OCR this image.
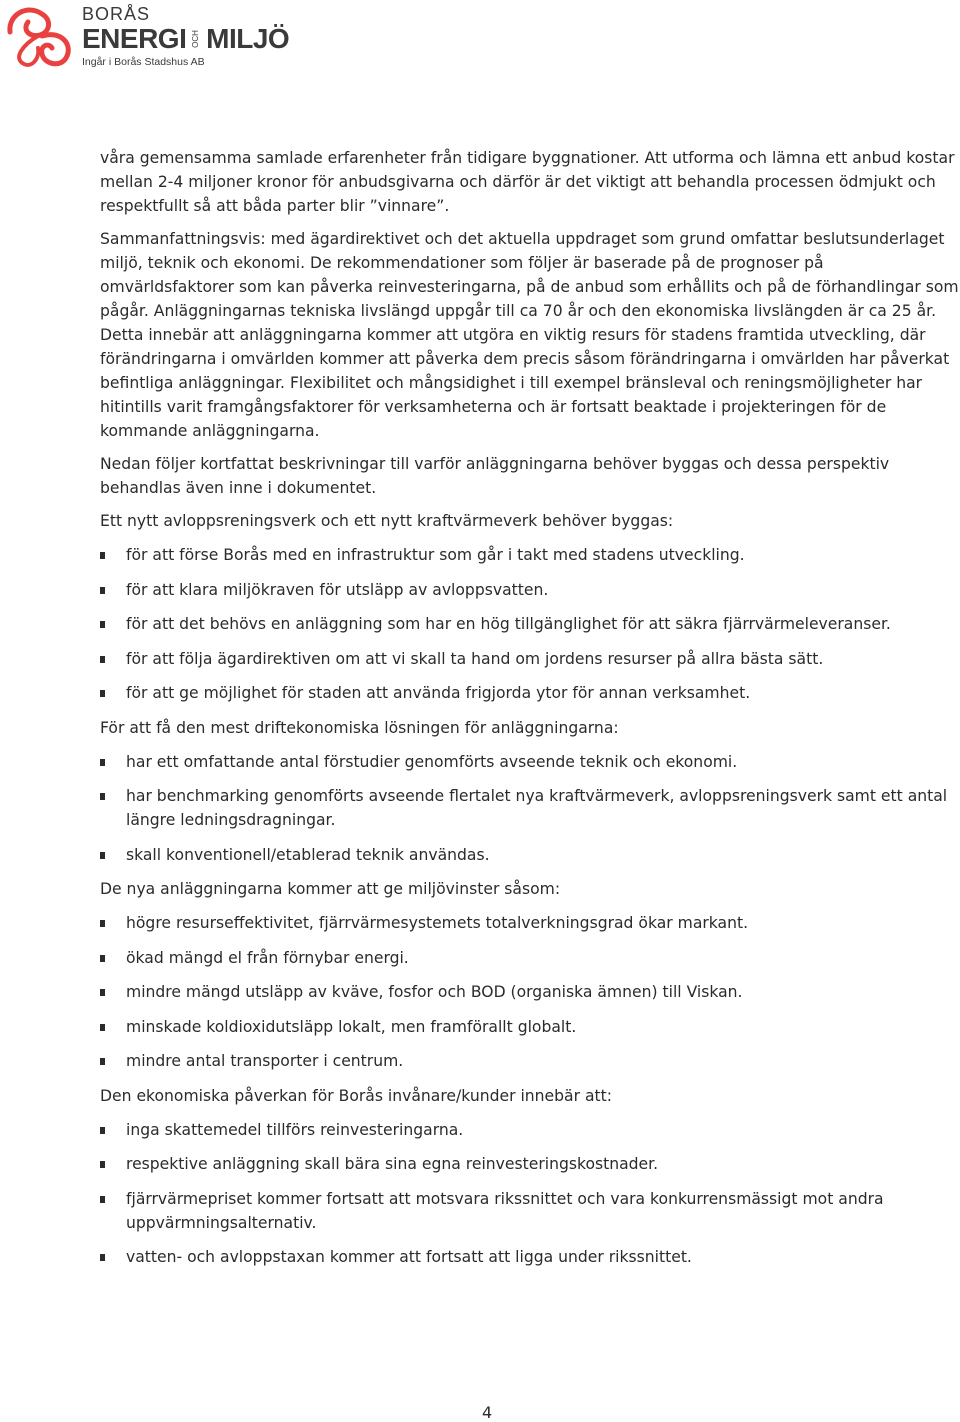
BORÅS
ENERGI OCH MILJÖ
Ingår i Borås Stadshus AB

våra gemensamma samlade erfarenheter från tidigare byggnationer. Att utforma och lämna ett anbud kostar mellan 2-4 miljoner kronor för anbudsgivarna och därför är det viktigt att behandla processen ödmjukt och respektfullt så att båda parter blir ”vinnare”.

Sammanfattningsvis: med ägardirektivet och det aktuella uppdraget som grund omfattar beslutsunderlaget miljö, teknik och ekonomi. De rekommendationer som följer är baserade på de prognoser på omvärldsfaktorer som kan påverka reinvesteringarna, på de anbud som erhållits och på de förhandlingar som pågår. Anläggningarnas tekniska livslängd uppgår till ca 70 år och den ekonomiska livslängden är ca 25 år. Detta innebär att anläggningarna kommer att utgöra en viktig resurs för stadens framtida utveckling, där förändringarna i omvärlden kommer att påverka dem precis såsom förändringarna i omvärlden har påverkat befintliga anläggningar. Flexibilitet och mångsidighet i till exempel bränsleval och reningsmöjligheter har hitintills varit framgångsfaktorer för verksamheterna och är fortsatt beaktade i projekteringen för de kommande anläggningarna.

Nedan följer kortfattat beskrivningar till varför anläggningarna behöver byggas och dessa perspektiv behandlas även inne i dokumentet.

Ett nytt avloppsreningsverk och ett nytt kraftvärmeverk behöver byggas:

för att förse Borås med en infrastruktur som går i takt med stadens utveckling.
för att klara miljökraven för utsläpp av avloppsvatten.
för att det behövs en anläggning som har en hög tillgänglighet för att säkra fjärrvärmeleveranser.
för att följa ägardirektiven om att vi skall ta hand om jordens resurser på allra bästa sätt.
för att ge möjlighet för staden att använda frigjorda ytor för annan verksamhet.

För att få den mest driftekonomiska lösningen för anläggningarna:

har ett omfattande antal förstudier genomförts avseende teknik och ekonomi.
har benchmarking genomförts avseende flertalet nya kraftvärmeverk, avloppsreningsverk samt ett antal längre ledningsdragningar.
skall konventionell/etablerad teknik användas.

De nya anläggningarna kommer att ge miljövinster såsom:

högre resurseffektivitet, fjärrvärmesystemets totalverkningsgrad ökar markant.
ökad mängd el från förnybar energi.
mindre mängd utsläpp av kväve, fosfor och BOD (organiska ämnen) till Viskan.
minskade koldioxidutsläpp lokalt, men framförallt globalt.
mindre antal transporter i centrum.

Den ekonomiska påverkan för Borås invånare/kunder innebär att:

inga skattemedel tillförs reinvesteringarna.
respektive anläggning skall bära sina egna reinvesteringskostnader.
fjärrvärmepriset kommer fortsatt att motsvara rikssnittet och vara konkurrensmässigt mot andra uppvärmningsalternativ.
vatten- och avloppstaxan kommer att fortsatt att ligga under rikssnittet.
4
